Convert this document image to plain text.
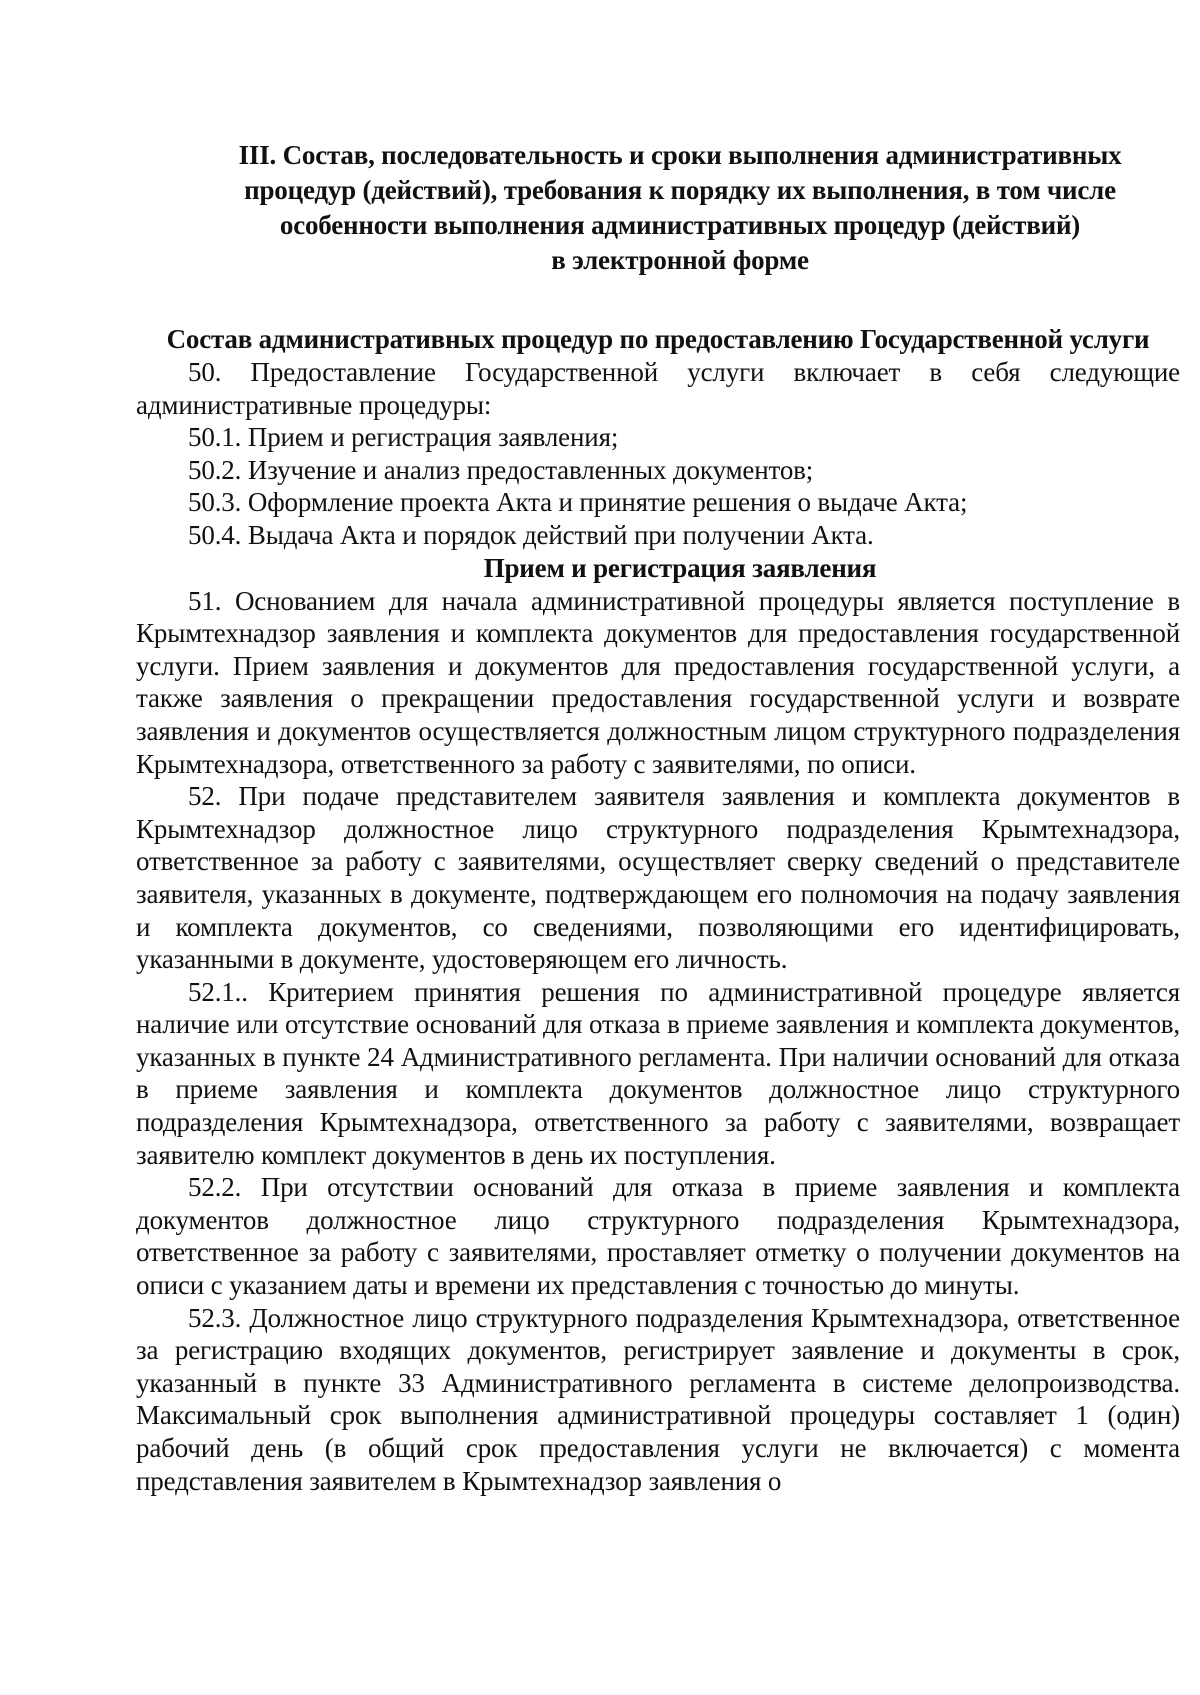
III. Состав, последовательность и сроки выполнения административных
процедур (действий), требования к порядку их выполнения, в том числе
особенности выполнения административных процедур (действий)
в электронной форме
Состав административных процедур по предоставлению Государственной услуги

50. Предоставление Государственной услуги включает в себя следующие административные процедуры:

50.1. Прием и регистрация заявления;

50.2. Изучение и анализ предоставленных документов;

50.3. Оформление проекта Акта и принятие решения о выдаче Акта;

50.4. Выдача Акта и порядок действий при получении Акта.

Прием и регистрация заявления

51. Основанием для начала административной процедуры является поступление в Крымтехнадзор заявления и комплекта документов для предоставления государственной услуги. Прием заявления и документов для предоставления государственной услуги, а также заявления о прекращении предоставления государственной услуги и возврате заявления и документов осуществляется должностным лицом структурного подразделения Крымтехнадзора, ответственного за работу с заявителями, по описи.

52. При подаче представителем заявителя заявления и комплекта документов в Крымтехнадзор должностное лицо структурного подразделения Крымтехнадзора, ответственное за работу с заявителями, осуществляет сверку сведений о представителе заявителя, указанных в документе, подтверждающем его полномочия на подачу заявления и комплекта документов, со сведениями, позволяющими его идентифицировать, указанными в документе, удостоверяющем его личность.

52.1.. Критерием принятия решения по административной процедуре является наличие или отсутствие оснований для отказа в приеме заявления и комплекта документов, указанных в пункте 24 Административного регламента. При наличии оснований для отказа в приеме заявления и комплекта документов должностное лицо структурного подразделения Крымтехнадзора, ответственного за работу с заявителями, возвращает заявителю комплект документов в день их поступления.

52.2. При отсутствии оснований для отказа в приеме заявления и комплекта документов должностное лицо структурного подразделения Крымтехнадзора, ответственное за работу с заявителями, проставляет отметку о получении документов на описи с указанием даты и времени их представления с точностью до минуты.

52.3. Должностное лицо структурного подразделения Крымтехнадзора, ответственное за регистрацию входящих документов, регистрирует заявление и документы в срок, указанный в пункте 33 Административного регламента в системе делопроизводства. Максимальный срок выполнения административной процедуры составляет 1 (один) рабочий день (в общий срок предоставления услуги не включается) с момента представления заявителем в Крымтехнадзор заявления о
